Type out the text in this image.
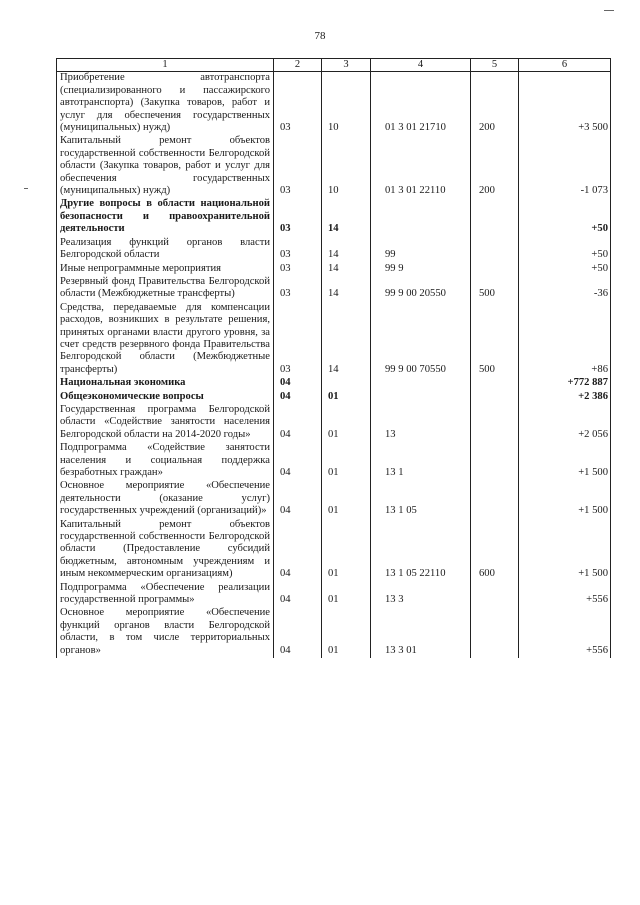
78
1	2	3	4	5	6
Приобретение автотранспорта (специализированного и пассажирского автотранспорта) (Закупка товаров, работ и услуг для обеспечения государственных (муниципальных) нужд)	03	10	01 3 01 21710	200	+3 500
Капитальный ремонт объектов государственной собственности Белгородской области (Закупка товаров, работ и услуг для обеспечения государственных (муниципальных) нужд)	03	10	01 3 01 22110	200	-1 073
Другие вопросы в области национальной безопасности и правоохранительной деятельности	03	14			+50
Реализация функций органов власти Белгородской области	03	14	99		+50
Иные непрограммные мероприятия	03	14	99 9		+50
Резервный фонд Правительства Белгородской области (Межбюджетные трансферты)	03	14	99 9 00 20550	500	-36
Средства, передаваемые для компенсации расходов, возникших в результате решения, принятых органами власти другого уровня, за счет средств резервного фонда Правительства Белгородской области (Межбюджетные трансферты)	03	14	99 9 00 70550	500	+86
Национальная экономика	04				+772 887
Общеэкономические вопросы	04	01			+2 386
Государственная программа Белгородской области «Содействие занятости населения Белгородской области на 2014-2020 годы»	04	01	13		+2 056
Подпрограмма «Содействие занятости населения и социальная поддержка безработных граждан»	04	01	13 1		+1 500
Основное мероприятие «Обеспечение деятельности (оказание услуг) государственных учреждений (организаций)»	04	01	13 1 05		+1 500
Капитальный ремонт объектов государственной собственности Белгородской области (Предоставление субсидий бюджетным, автономным учреждениям и иным некоммерческим организациям)	04	01	13 1 05 22110	600	+1 500
Подпрограмма «Обеспечение реализации государственной программы»	04	01	13 3		+556
Основное мероприятие «Обеспечение функций органов власти Белгородской области, в том числе территориальных органов»	04	01	13 3 01		+556
